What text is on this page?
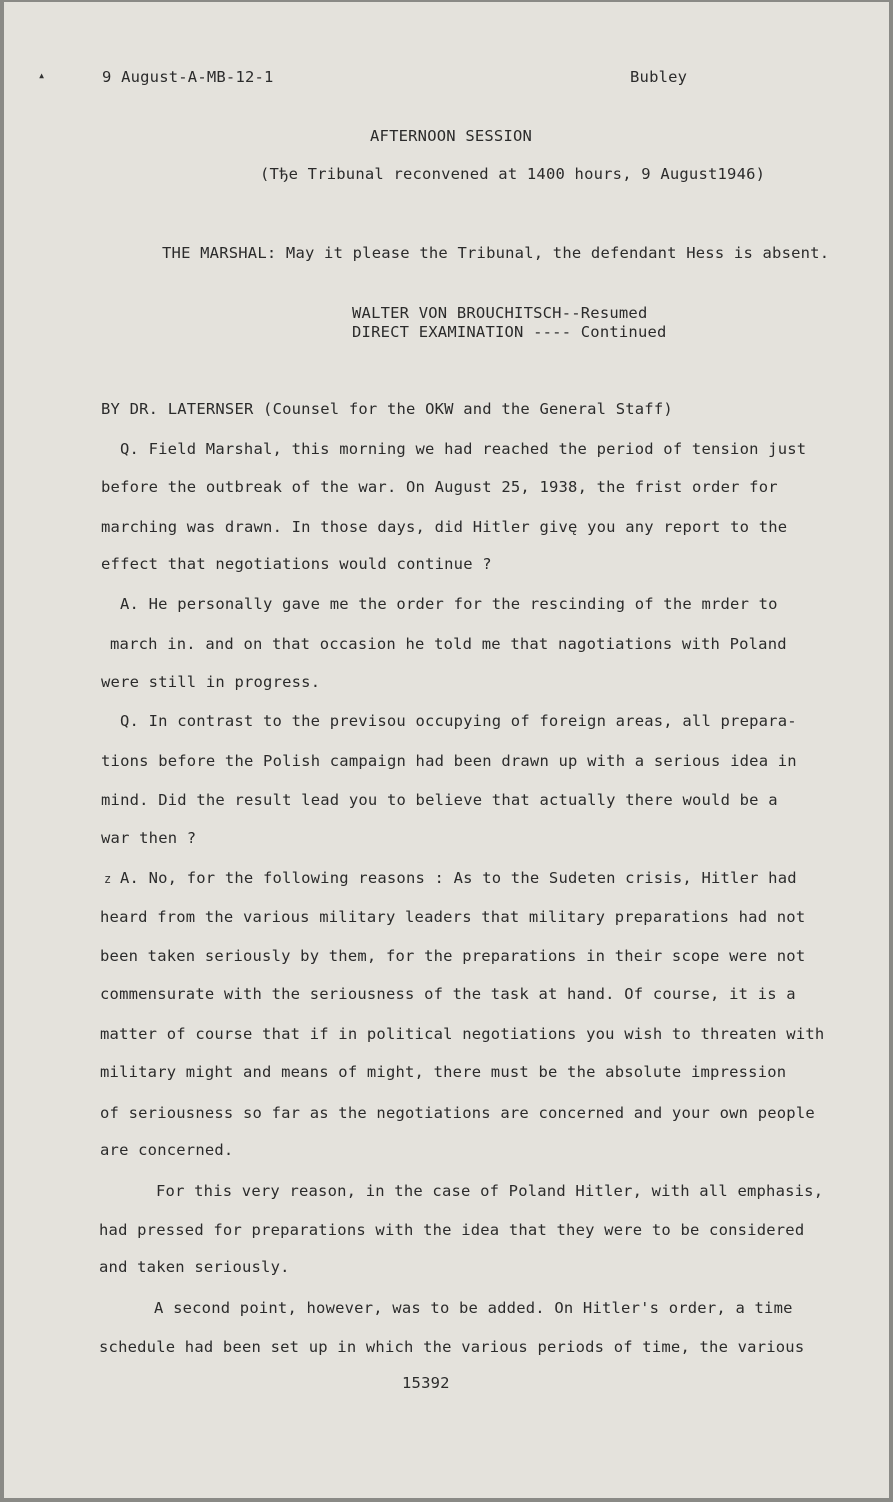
▴	9 August-A-MB-12-1	Bubley
AFTERNOON SESSION
(Tђe Tribunal reconvened at 1400 hours, 9 August1946)
THE MARSHAL: May it please the Tribunal, the defendant Hess is absent.
WALTER VON BROUCHITSCH--Resumed
DIRECT EXAMINATION ---- Continued
BY DR. LATERNSER (Counsel for the OKW and the General Staff)
Q. Field Marshal, this morning we had reached the period of tension just
before the outbreak of the war. On August 25, 1938, the frist order for
marching was drawn. In those days, did Hitler givę you any report to the
effect that negotiations would continue ?
A. He personally gave me the order for the rescinding of the mrder to
march in. and on that occasion he told me that nagotiations with Poland
were still in progress.
Q. In contrast to the previsou occupying of foreign areas, all prepara-
tions before the Polish campaign had been drawn up with a serious idea in
mind. Did the result lead you to believe that actually there would be a
war then ?
z A. No, for the following reasons : As to the Sudeten crisis, Hitler had
heard from the various military leaders that military preparations had not
been taken seriously by them, for the preparations in their scope were not
commensurate with the seriousness of the task at hand. Of course, it is a
matter of course that if in political negotiations you wish to threaten with
military might and means of might, there must be the absolute impression
of seriousness so far as the negotiations are concerned and your own people
are concerned.
For this very reason, in the case of Poland Hitler, with all emphasis,
had pressed for preparations with the idea that they were to be considered
and taken seriously.
A second point, however, was to be added. On Hitler's order, a time
schedule had been set up in which the various periods of time, the various
15392
